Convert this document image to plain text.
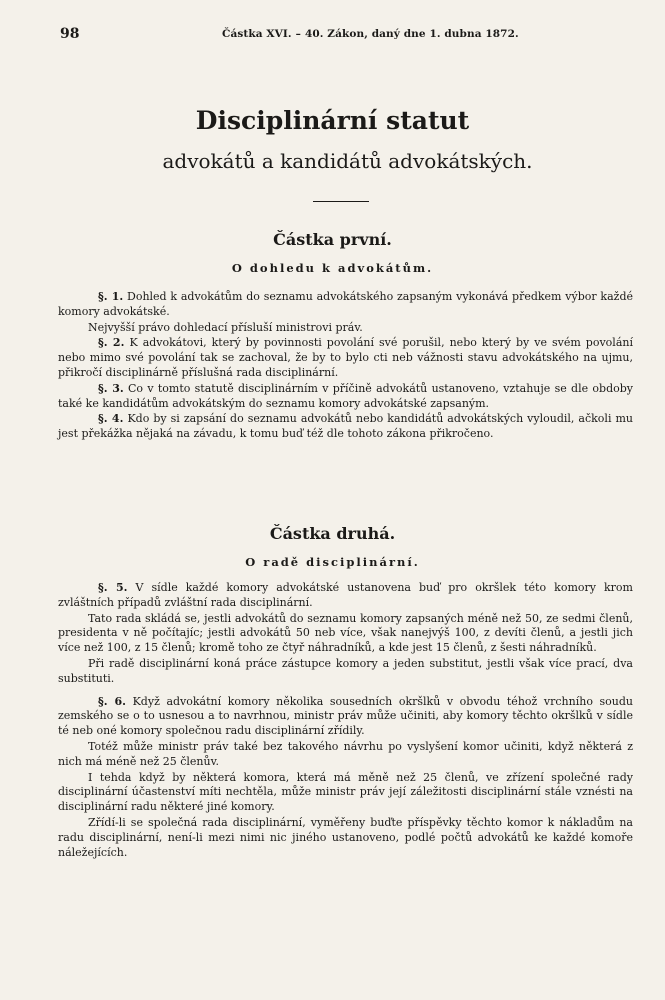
98	Částka XVI. – 40. Zákon, daný dne 1. dubna 1872.
Disciplinární statut
advokátů a kandidátů advokátských.
Částka první.
O dohledu k advokátům.

§. 1. Dohled k advokátům do seznamu advokátského zapsaným vykonává předkem výbor každé komory advokátské.

Nejvyšší právo dohledací přísluší ministrovi práv.

§. 2. K advokátovi, který by povinnosti povolání své porušil, nebo který by ve svém povolání nebo mimo své povolání tak se zachoval, že by to bylo cti neb vážnosti stavu advokátského na ujmu, přikročí disciplinárně příslušná rada disciplinární.

§. 3. Co v tomto statutě disciplinárním v příčině advokátů ustanoveno, vztahuje se dle obdoby také ke kandidátům advokátským do seznamu komory advokátské zapsaným.

§. 4. Kdo by si zapsání do seznamu advokátů nebo kandidátů advokátských vyloudil, ačkoli mu jest překážka nějaká na závadu, k tomu buď též dle tohoto zákona přikročeno.

Částka druhá.
O radě disciplinární.

§. 5. V sídle každé komory advokátské ustanovena buď pro okršlek této komory krom zvláštních případů zvláštní rada disciplinární.

Tato rada skládá se, jestli advokátů do seznamu komory zapsaných méně než 50, ze sedmi členů, presidenta v ně počítajíc; jestli advokátů 50 neb více, však nanejvýš 100, z devíti členů, a jestli jich více než 100, z 15 členů; kromě toho ze čtyř náhradníků, a kde jest 15 členů, z šesti náhradníků.

Při radě disciplinární koná práce zástupce komory a jeden substitut, jestli však více prací, dva substituti.

§. 6. Když advokátní komory několika sousedních okršlků v obvodu téhož vrchního soudu zemského se o to usnesou a to navrhnou, ministr práv může učiniti, aby komory těchto okršlků v sídle té neb oné komory společnou radu disciplinární zřídily.

Totéž může ministr práv také bez takového návrhu po vyslyšení komor učiniti, když některá z nich má méně než 25 členův.

I tehda když by některá komora, která má měně než 25 členů, ve zřízení společné rady disciplinární účastenství míti nechtěla, může ministr práv její záležitosti disciplinární stále vznésti na disciplinární radu některé jiné komory.

Zřídí-li se společná rada disciplinární, vyměřeny buďte příspěvky těchto komor k nákladům na radu disciplinární, není-li mezi nimi nic jiného ustanoveno, podlé počtů advokátů ke každé komoře náležejících.
